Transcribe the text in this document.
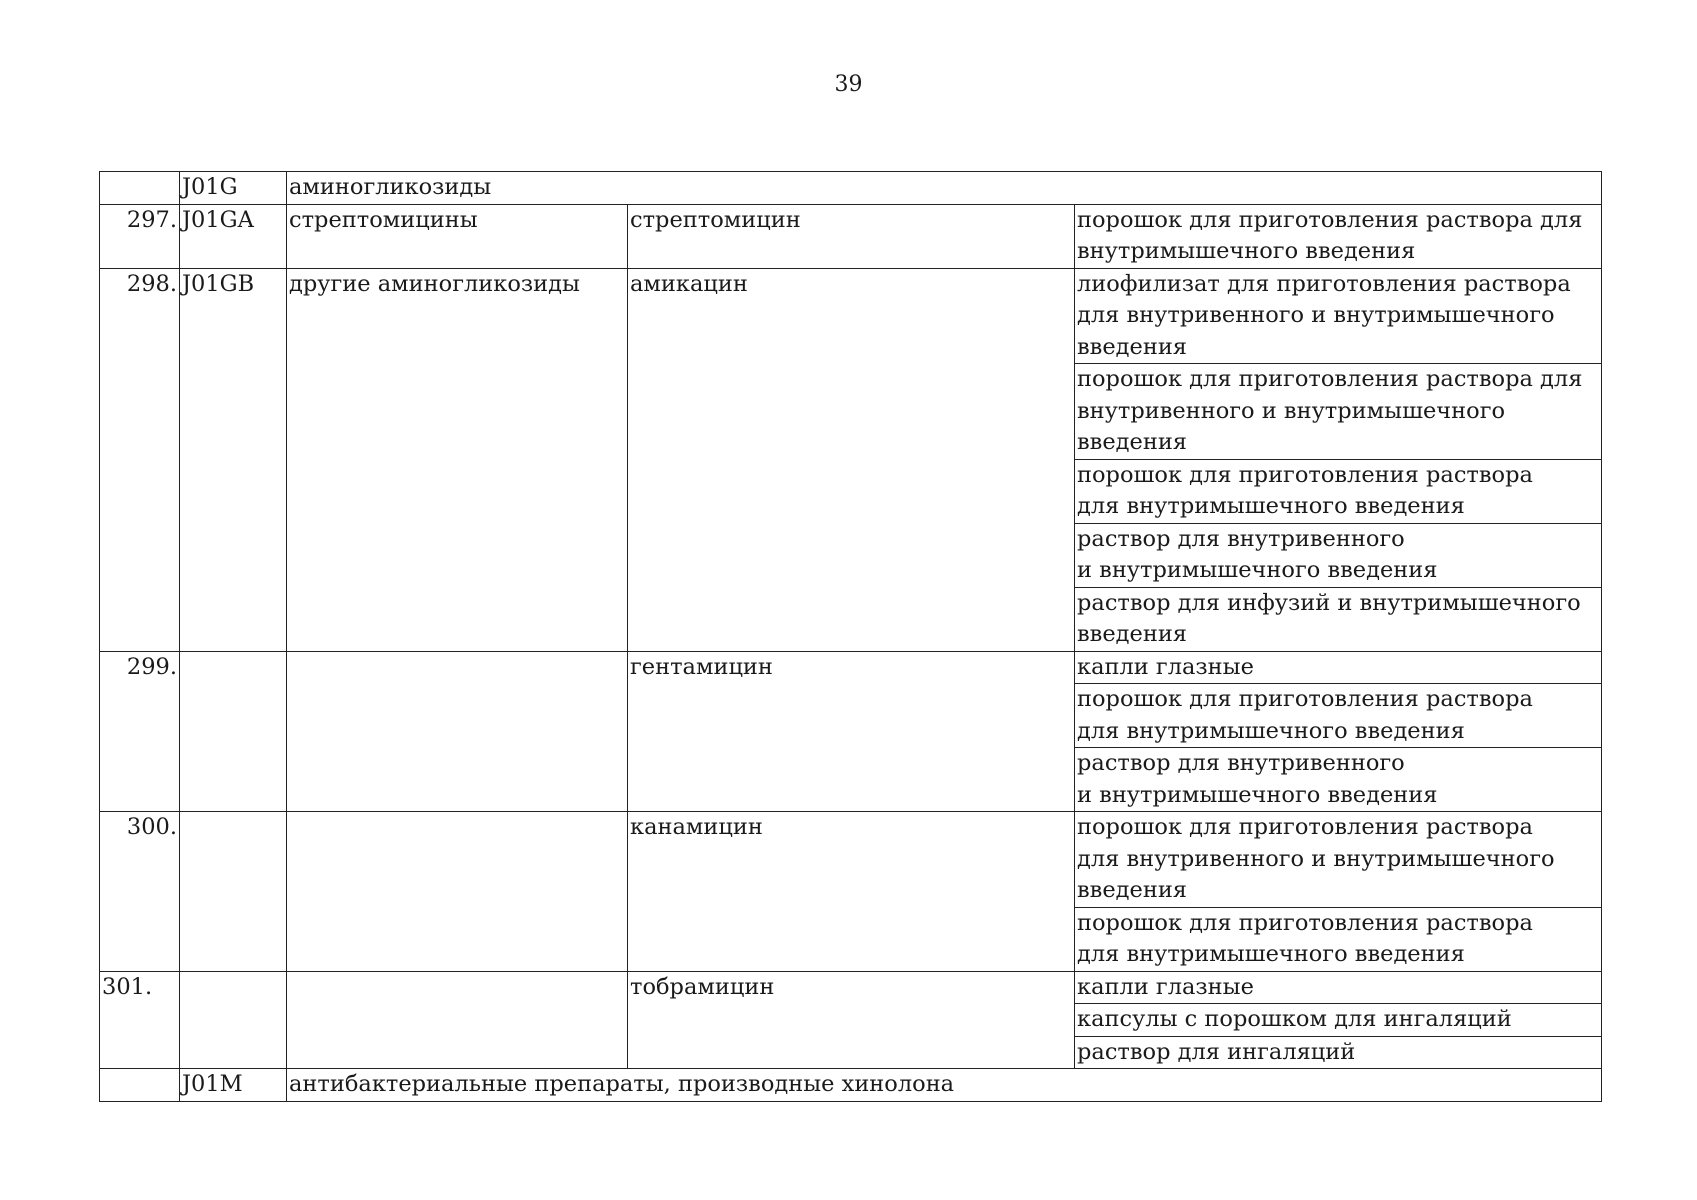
39
	J01G	аминогликозиды		
297.	J01GA	стрептомицины	стрептомицин	порошок для приготовления раствора для
внутримышечного введения
298.	J01GB	другие аминогликозиды	амикацин	лиофилизат для приготовления раствора
для внутривенного и внутримышечного
введения
				порошок для приготовления раствора для
внутривенного и внутримышечного
введения
				порошок для приготовления раствора
для внутримышечного введения
				раствор для внутривенного
и внутримышечного введения
				раствор для инфузий и внутримышечного
введения
299.			гентамицин	капли глазные
				порошок для приготовления раствора
для внутримышечного введения
				раствор для внутривенного
и внутримышечного введения
300.			канамицин	порошок для приготовления раствора
для внутривенного и внутримышечного
введения
				порошок для приготовления раствора
для внутримышечного введения
301.			тобрамицин	капли глазные
				капсулы с порошком для ингаляций
				раствор для ингаляций
	J01M	антибактериальные препараты, производные хинолона		
